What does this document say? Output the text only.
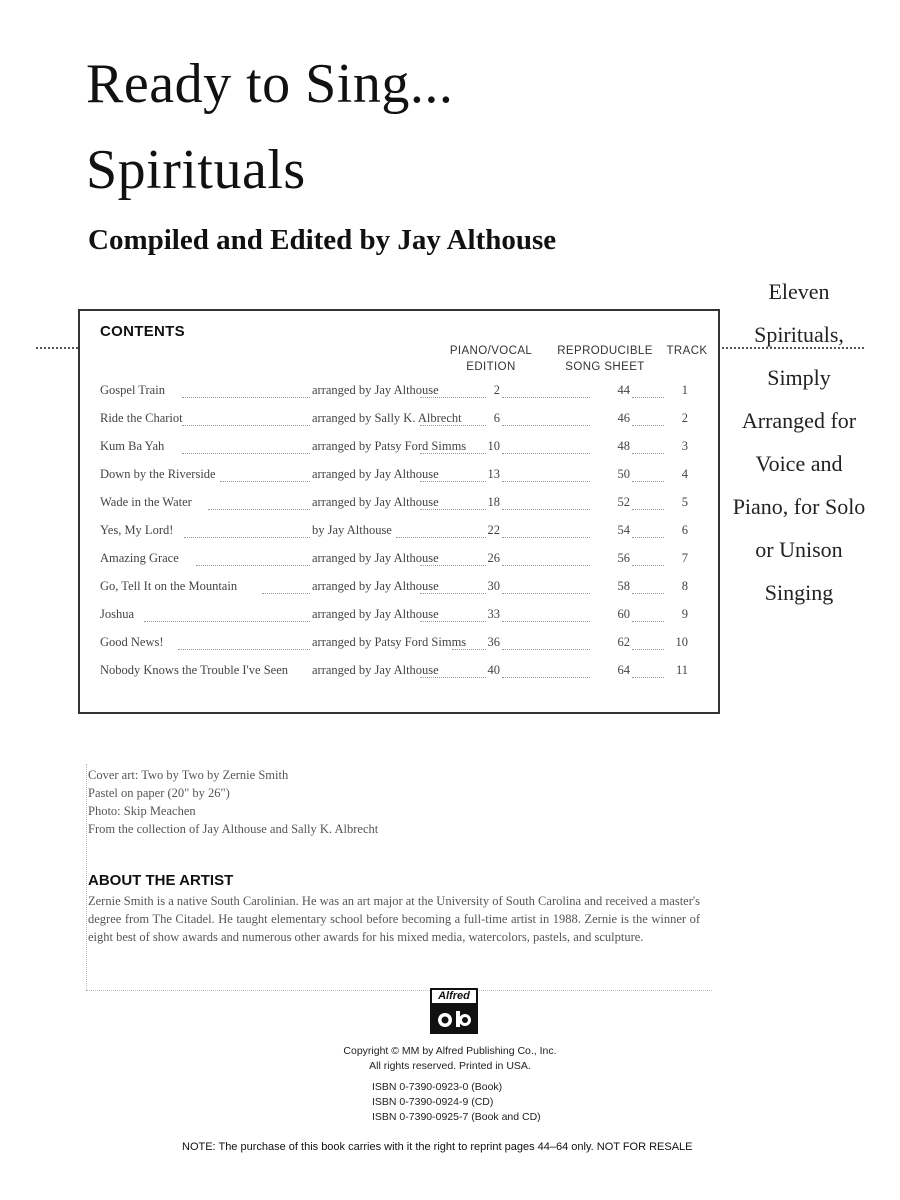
Ready to Sing...
Spirituals
Compiled and Edited by Jay Althouse
CONTENTS
PIANO/VOCAL
EDITION
REPRODUCIBLE
SONG SHEET
TRACK
Gospel Train	arranged by Jay Althouse	2	44	1
Ride the Chariot	arranged by Sally K. Albrecht	6	46	2
Kum Ba Yah	arranged by Patsy Ford Simms	10	48	3
Down by the Riverside	arranged by Jay Althouse	13	50	4
Wade in the Water	arranged by Jay Althouse	18	52	5
Yes, My Lord!	by Jay Althouse	22	54	6
Amazing Grace	arranged by Jay Althouse	26	56	7
Go, Tell It on the Mountain	arranged by Jay Althouse	30	58	8
Joshua	arranged by Jay Althouse	33	60	9
Good News!	arranged by Patsy Ford Simms	36	62	10
Nobody Knows the Trouble I've Seen arranged by Jay Althouse	40	64	11
Eleven
Spirituals,
Simply
Arranged for
Voice and
Piano, for Solo
or Unison
Singing
Cover art: Two by Two by Zernie Smith
Pastel on paper (20" by 26")
Photo: Skip Meachen
From the collection of Jay Althouse and Sally K. Albrecht
ABOUT THE ARTIST

Zernie Smith is a native South Carolinian. He was an art major at the University of South Carolina and received a master's degree from The Citadel. He taught elementary school before becoming a full-time artist in 1988. Zernie is the winner of eight best of show awards and numerous other awards for his mixed media, watercolors, pastels, and sculpture.

Alfred
Copyright © MM by Alfred Publishing Co., Inc.
All rights reserved. Printed in USA.
ISBN 0-7390-0923-0 (Book)
ISBN 0-7390-0924-9 (CD)
ISBN 0-7390-0925-7 (Book and CD)
NOTE: The purchase of this book carries with it the right to reprint pages 44–64 only. NOT FOR RESALE
